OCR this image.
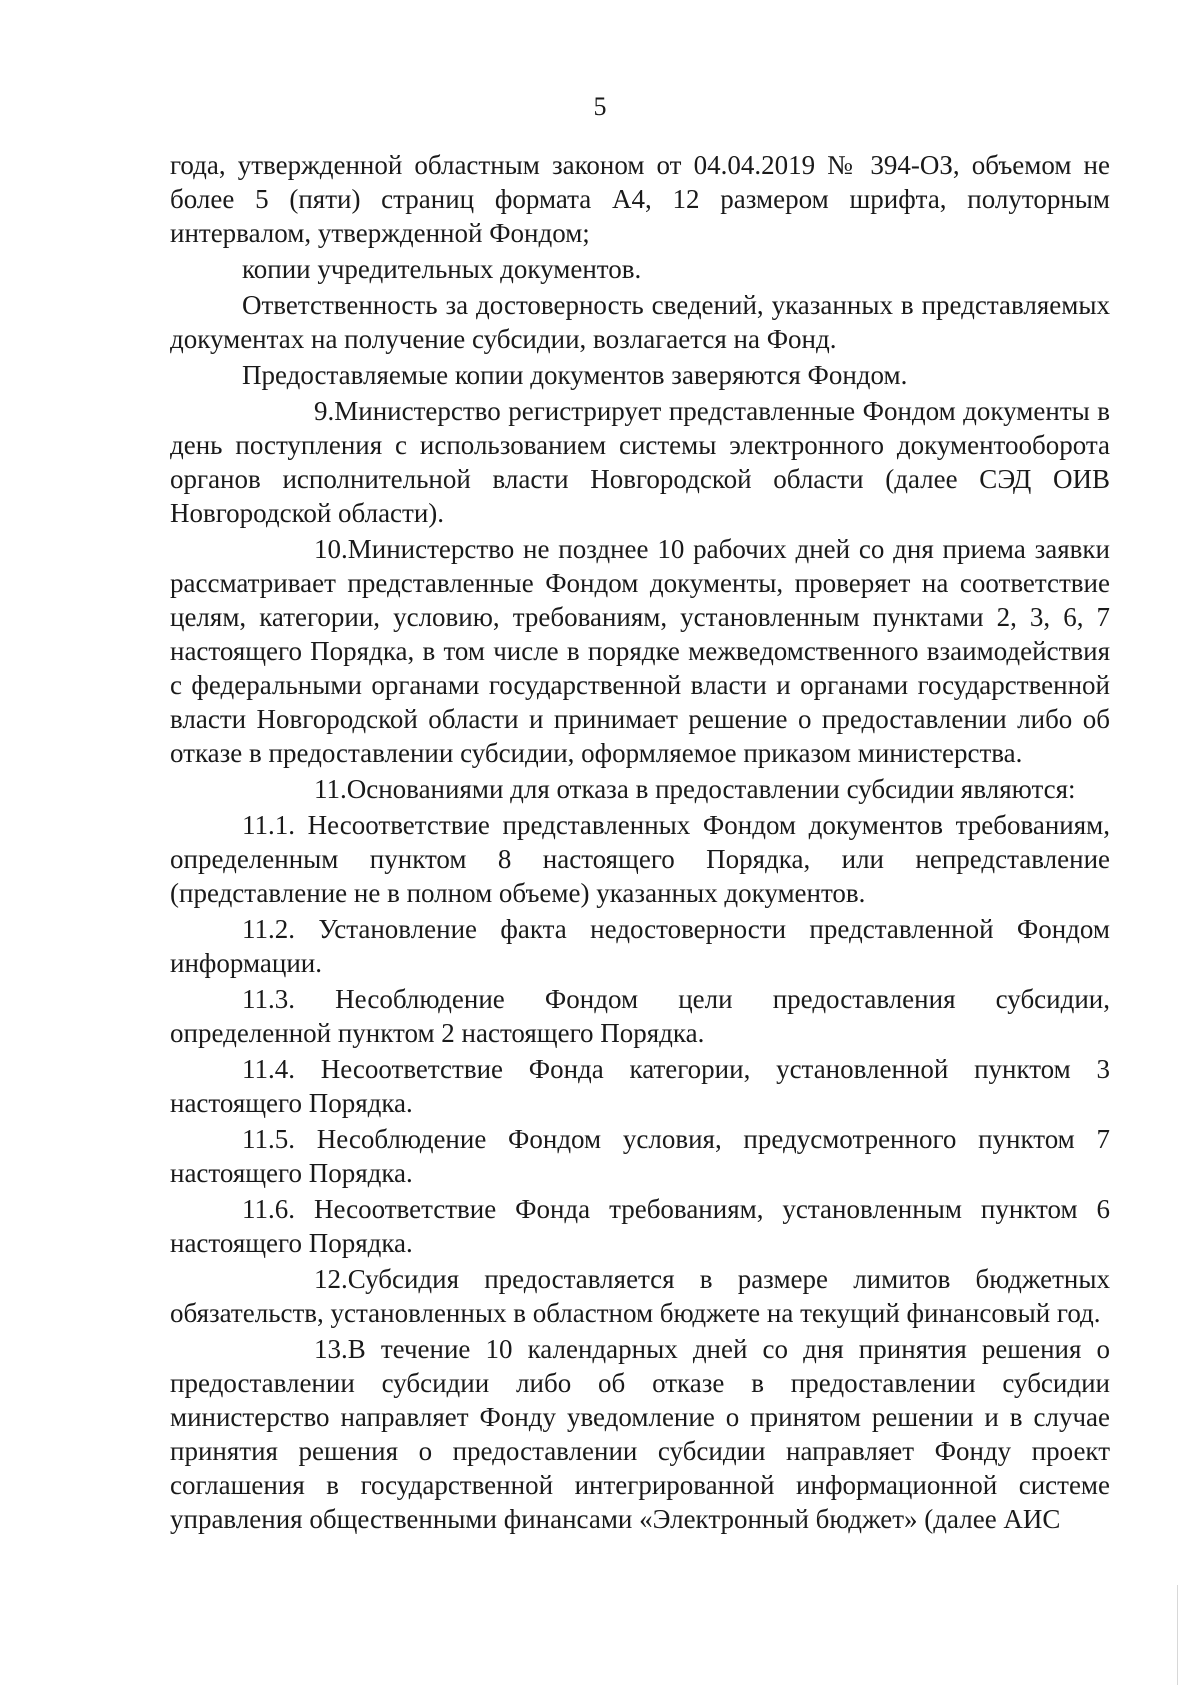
5

года, утвержденной областным законом от 04.04.2019 № 394-ОЗ, объемом не более 5 (пяти) страниц формата А4, 12 размером шрифта, полуторным интервалом, утвержденной Фондом;

копии учредительных документов.

Ответственность за достоверность сведений, указанных в представляемых документах на получение субсидии, возлагается на Фонд.

Предоставляемые копии документов заверяются Фондом.

9.Министерство регистрирует представленные Фондом документы в день поступления с использованием системы электронного документооборота органов исполнительной власти Новгородской области (далее СЭД ОИВ Новгородской области).

10.Министерство не позднее 10 рабочих дней со дня приема заявки рассматривает представленные Фондом документы, проверяет на соответствие целям, категории, условию, требованиям, установленным пунктами 2, 3, 6, 7 настоящего Порядка, в том числе в порядке межведомственного взаимодействия с федеральными органами государственной власти и органами государственной власти Новгородской области и принимает решение о предоставлении либо об отказе в предоставлении субсидии, оформляемое приказом министерства.

11.Основаниями для отказа в предоставлении субсидии являются:

11.1. Несоответствие представленных Фондом документов требованиям, определенным пунктом 8 настоящего Порядка, или непредставление (представление не в полном объеме) указанных документов.

11.2. Установление факта недостоверности представленной Фондом информации.

11.3. Несоблюдение Фондом цели предоставления субсидии, определенной пунктом 2 настоящего Порядка.

11.4. Несоответствие Фонда категории, установленной пунктом 3 настоящего Порядка.

11.5. Несоблюдение Фондом условия, предусмотренного пунктом 7 настоящего Порядка.

11.6. Несоответствие Фонда требованиям, установленным пунктом 6 настоящего Порядка.

12.Субсидия предоставляется в размере лимитов бюджетных обязательств, установленных в областном бюджете на текущий финансовый год.

13.В течение 10 календарных дней со дня принятия решения о предоставлении субсидии либо об отказе в предоставлении субсидии министерство направляет Фонду уведомление о принятом решении и в случае принятия решения о предоставлении субсидии направляет Фонду проект соглашения в государственной интегрированной информационной системе управления общественными финансами «Электронный бюджет» (далее АИС
